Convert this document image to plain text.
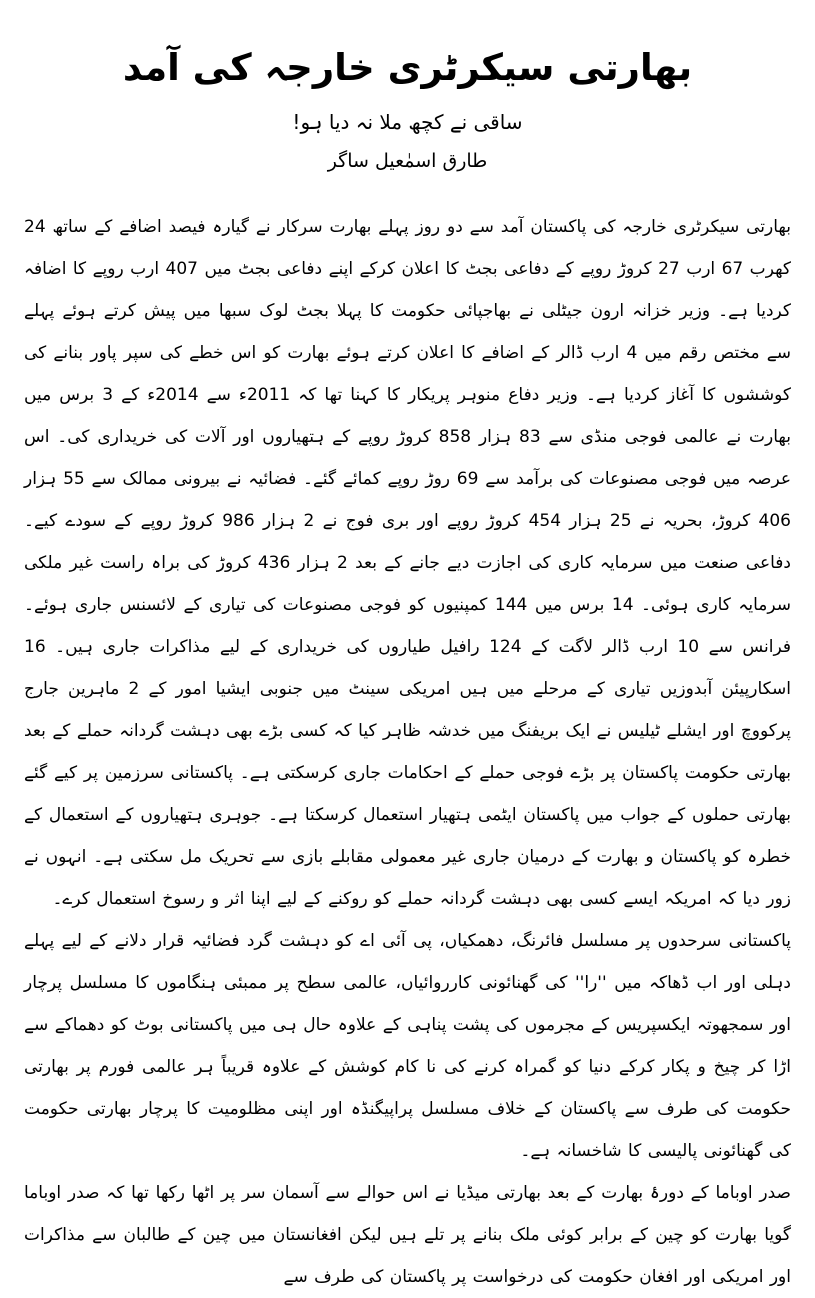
بھارتی سیکرٹری خارجہ کی آمد

ساقی نے کچھ ملا نہ دیا ہو!

طارق اسمٰعیل ساگر

بھارتی سیکرٹری خارجہ کی پاکستان آمد سے دو روز پہلے بھارت سرکار نے گیارہ فیصد اضافے کے ساتھ 24 کھرب 67 ارب 27 کروڑ روپے کے دفاعی بجٹ کا اعلان کرکے اپنے دفاعی بجٹ میں 407 ارب روپے کا اضافہ کردیا ہے۔ وزیر خزانہ ارون جیٹلی نے بھاجپائی حکومت کا پہلا بجٹ لوک سبھا میں پیش کرتے ہوئے پہلے سے مختص رقم میں 4 ارب ڈالر کے اضافے کا اعلان کرتے ہوئے بھارت کو اس خطے کی سپر پاور بنانے کی کوششوں کا آغاز کردیا ہے۔ وزیر دفاع منوہر پریکار کا کہنا تھا کہ 2011ء سے 2014ء کے 3 برس میں بھارت نے عالمی فوجی منڈی سے 83 ہزار 858 کروڑ روپے کے ہتھیاروں اور آلات کی خریداری کی۔ اس عرصہ میں فوجی مصنوعات کی برآمد سے 69 روڑ روپے کمائے گئے۔ فضائیہ نے بیرونی ممالک سے 55 ہزار 406 کروڑ، بحریہ نے 25 ہزار 454 کروڑ روپے اور بری فوج نے 2 ہزار 986 کروڑ روپے کے سودے کیے۔ دفاعی صنعت میں سرمایہ کاری کی اجازت دیے جانے کے بعد 2 ہزار 436 کروڑ کی براہ راست غیر ملکی سرمایہ کاری ہوئی۔ 14 برس میں 144 کمپنیوں کو فوجی مصنوعات کی تیاری کے لائسنس جاری ہوئے۔ فرانس سے 10 ارب ڈالر لاگت کے 124 رافیل طیاروں کی خریداری کے لیے مذاکرات جاری ہیں۔ 16 اسکارپیئن آبدوزیں تیاری کے مرحلے میں ہیں امریکی سینٹ میں جنوبی ایشیا امور کے 2 ماہرین جارج پرکووچ اور ایشلے ٹیلیس نے ایک بریفنگ میں خدشہ ظاہر کیا کہ کسی بڑے بھی دہشت گردانہ حملے کے بعد بھارتی حکومت پاکستان پر بڑے فوجی حملے کے احکامات جاری کرسکتی ہے۔ پاکستانی سرزمین پر کیے گئے بھارتی حملوں کے جواب میں پاکستان ایٹمی ہتھیار استعمال کرسکتا ہے۔ جوہری ہتھیاروں کے استعمال کے خطرہ کو پاکستان و بھارت کے درمیان جاری غیر معمولی مقابلے بازی سے تحریک مل سکتی ہے۔ انہوں نے زور دیا کہ امریکہ ایسے کسی بھی دہشت گردانہ حملے کو روکنے کے لیے اپنا اثر و رسوخ استعمال کرے۔

پاکستانی سرحدوں پر مسلسل فائرنگ، دھمکیاں، پی آئی اے کو دہشت گرد فضائیہ قرار دلانے کے لیے پہلے دہلی اور اب ڈھاکہ میں ''را'' کی گھنائونی کارروائیاں، عالمی سطح پر ممبئی ہنگاموں کا مسلسل پرچار اور سمجھوتہ ایکسپریس کے مجرموں کی پشت پناہی کے علاوہ حال ہی میں پاکستانی بوٹ کو دھماکے سے اڑا کر چیخ و پکار کرکے دنیا کو گمراہ کرنے کی نا کام کوشش کے علاوہ قریباً ہر عالمی فورم پر بھارتی حکومت کی طرف سے پاکستان کے خلاف مسلسل پراپیگنڈہ اور اپنی مظلومیت کا پرچار بھارتی حکومت کی گھنائونی پالیسی کا شاخسانہ ہے۔

صدر اوباما کے دورۂ بھارت کے بعد بھارتی میڈیا نے اس حوالے سے آسمان سر پر اٹھا رکھا تھا کہ صدر اوباما گویا بھارت کو چین کے برابر کوئی ملک بنانے پر تلے ہیں لیکن افغانستان میں چین کے طالبان سے مذاکرات اور امریکی اور افغان حکومت کی درخواست پر پاکستان کی طرف سے
